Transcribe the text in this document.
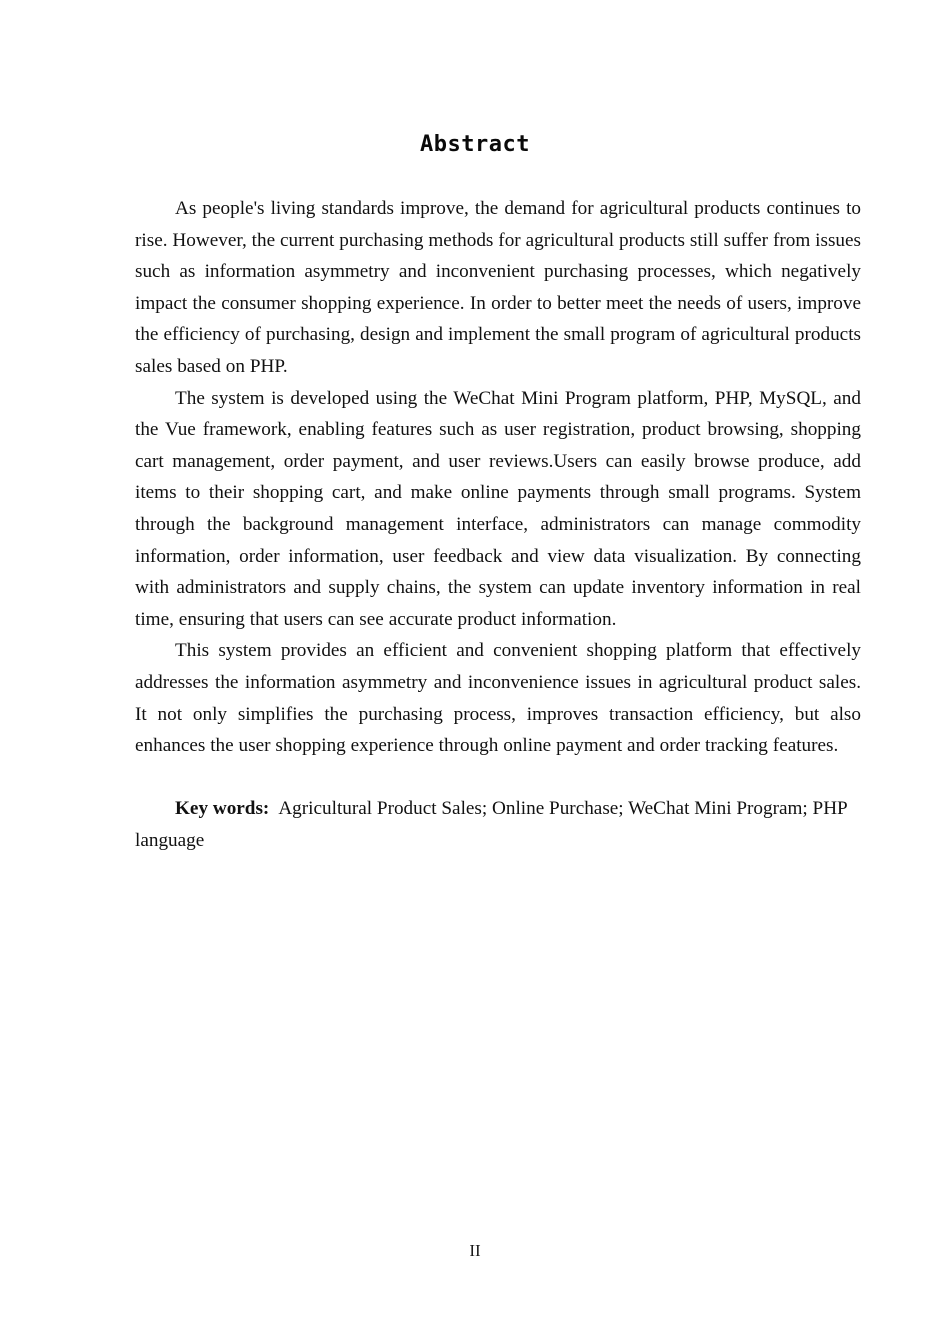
Abstract

As people's living standards improve, the demand for agricultural products continues to rise. However, the current purchasing methods for agricultural products still suffer from issues such as information asymmetry and inconvenient purchasing processes, which negatively impact the consumer shopping experience. In order to better meet the needs of users, improve the efficiency of purchasing, design and implement the small program of agricultural products sales based on PHP.

The system is developed using the WeChat Mini Program platform, PHP, MySQL, and the Vue framework, enabling features such as user registration, product browsing, shopping cart management, order payment, and user reviews.Users can easily browse produce, add items to their shopping cart, and make online payments through small programs. System through the background management interface, administrators can manage commodity information, order information, user feedback and view data visualization. By connecting with administrators and supply chains, the system can update inventory information in real time, ensuring that users can see accurate product information.

This system provides an efficient and convenient shopping platform that effectively addresses the information asymmetry and inconvenience issues in agricultural product sales. It not only simplifies the purchasing process, improves transaction efficiency, but also enhances the user shopping experience through online payment and order tracking features.

Key words: Agricultural Product Sales; Online Purchase; WeChat Mini Program; PHP language

II
